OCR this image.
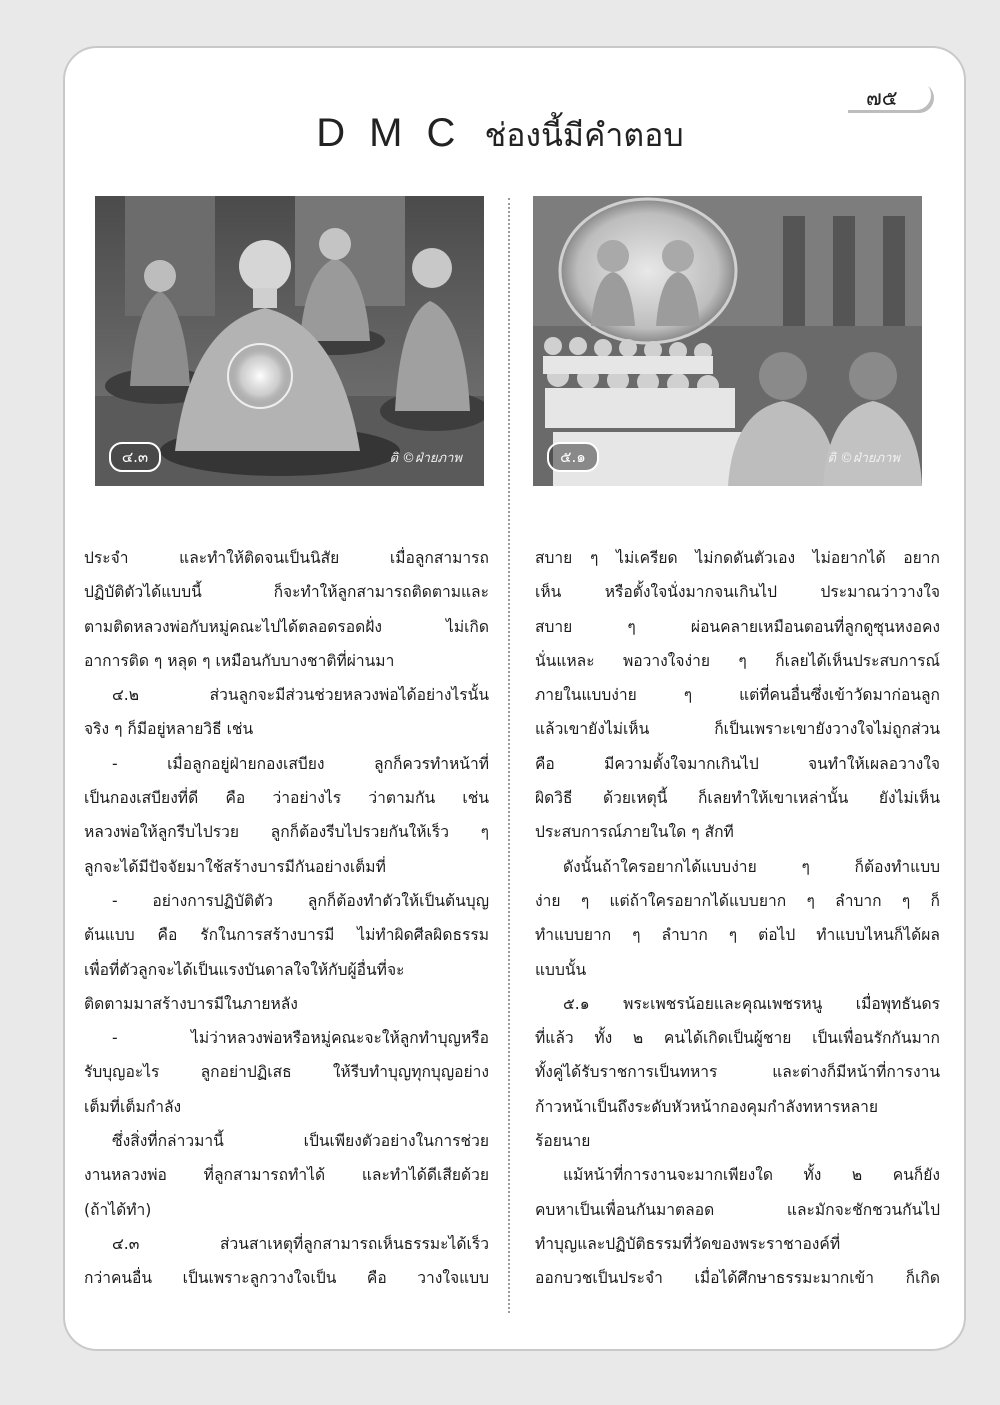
๗๕
DMC ช่องนี้มีคำตอบ
๔.๓	ติ ©ฝ่ายภาพ	๕.๑	ติ ©ฝ่ายภาพ
ประจำ และทำให้ติดจนเป็นนิสัย เมื่อลูกสามารถ
ปฏิบัติตัวได้แบบนี้ ก็จะทำให้ลูกสามารถติดตามและ
ตามติดหลวงพ่อกับหมู่คณะไปได้ตลอดรอดฝั่ง ไม่เกิด
อาการติด ๆ หลุด ๆ เหมือนกับบางชาติที่ผ่านมา
๔.๒ ส่วนลูกจะมีส่วนช่วยหลวงพ่อได้อย่างไรนั้น
จริง ๆ ก็มีอยู่หลายวิธี เช่น
- เมื่อลูกอยู่ฝ่ายกองเสบียง ลูกก็ควรทำหน้าที่
เป็นกองเสบียงที่ดี คือ ว่าอย่างไร ว่าตามกัน เช่น
หลวงพ่อให้ลูกรีบไปรวย ลูกก็ต้องรีบไปรวยกันให้เร็ว ๆ
ลูกจะได้มีปัจจัยมาใช้สร้างบารมีกันอย่างเต็มที่
- อย่างการปฏิบัติตัว ลูกก็ต้องทำตัวให้เป็นต้นบุญ
ต้นแบบ คือ รักในการสร้างบารมี ไม่ทำผิดศีลผิดธรรม
เพื่อที่ตัวลูกจะได้เป็นแรงบันดาลใจให้กับผู้อื่นที่จะ
ติดตามมาสร้างบารมีในภายหลัง
- ไม่ว่าหลวงพ่อหรือหมู่คณะจะให้ลูกทำบุญหรือ
รับบุญอะไร ลูกอย่าปฏิเสธ ให้รีบทำบุญทุกบุญอย่าง
เต็มที่เต็มกำลัง
ซึ่งสิ่งที่กล่าวมานี้ เป็นเพียงตัวอย่างในการช่วย
งานหลวงพ่อ ที่ลูกสามารถทำได้ และทำได้ดีเสียด้วย
(ถ้าได้ทำ)
๔.๓ ส่วนสาเหตุที่ลูกสามารถเห็นธรรมะได้เร็ว
กว่าคนอื่น เป็นเพราะลูกวางใจเป็น คือ วางใจแบบ
สบาย ๆ ไม่เครียด ไม่กดดันตัวเอง ไม่อยากได้ อยาก
เห็น หรือตั้งใจนั่งมากจนเกินไป ประมาณว่าวางใจ
สบาย ๆ ผ่อนคลายเหมือนตอนที่ลูกดูซุนหงอคง
นั่นแหละ พอวางใจง่าย ๆ ก็เลยได้เห็นประสบการณ์
ภายในแบบง่าย ๆ แต่ที่คนอื่นซึ่งเข้าวัดมาก่อนลูก
แล้วเขายังไม่เห็น ก็เป็นเพราะเขายังวางใจไม่ถูกส่วน
คือ มีความตั้งใจมากเกินไป จนทำให้เผลอวางใจ
ผิดวิธี ด้วยเหตุนี้ ก็เลยทำให้เขาเหล่านั้น ยังไม่เห็น
ประสบการณ์ภายในใด ๆ สักที
ดังนั้นถ้าใครอยากได้แบบง่าย ๆ ก็ต้องทำแบบ
ง่าย ๆ แต่ถ้าใครอยากได้แบบยาก ๆ ลำบาก ๆ ก็
ทำแบบยาก ๆ ลำบาก ๆ ต่อไป ทำแบบไหนก็ได้ผล
แบบนั้น
๕.๑ พระเพชรน้อยและคุณเพชรหนู เมื่อพุทธันดร
ที่แล้ว ทั้ง ๒ คนได้เกิดเป็นผู้ชาย เป็นเพื่อนรักกันมาก
ทั้งคู่ได้รับราชการเป็นทหาร และต่างก็มีหน้าที่การงาน
ก้าวหน้าเป็นถึงระดับหัวหน้ากองคุมกำลังทหารหลาย
ร้อยนาย
แม้หน้าที่การงานจะมากเพียงใด ทั้ง ๒ คนก็ยัง
คบหาเป็นเพื่อนกันมาตลอด และมักจะชักชวนกันไป
ทำบุญและปฏิบัติธรรมที่วัดของพระราชาองค์ที่
ออกบวชเป็นประจำ เมื่อได้ศึกษาธรรมะมากเข้า ก็เกิด
